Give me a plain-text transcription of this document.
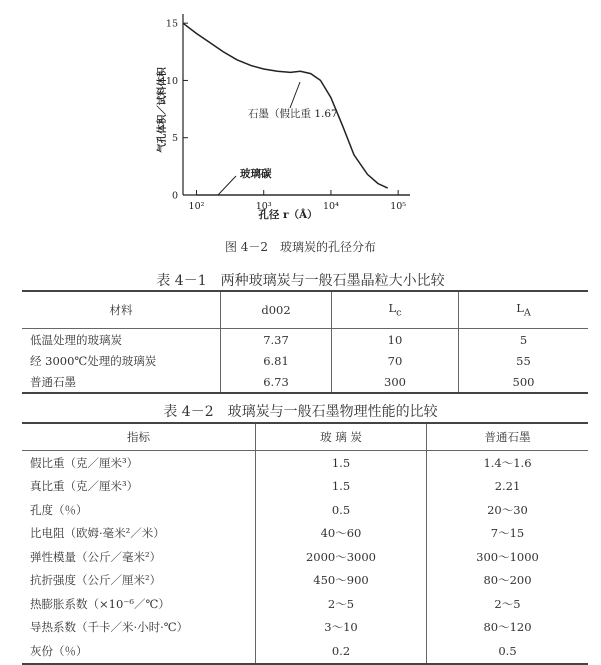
0
5
10
15
10²	10³	10⁴	10⁵
石墨（假比重 1.67
玻璃碳
孔径 r（Å）
气孔体积／试料体积
图 4－2　玻璃炭的孔径分布
表 4－1　两种玻璃炭与一般石墨晶粒大小比较
材料	d002	$L_c$	$L_A$
低温处理的玻璃炭	7.37	10	5
经 3000℃处理的玻璃炭	6.81	70	55
普通石墨	6.73	300	500
表 4－2　玻璃炭与一般石墨物理性能的比较
指标	玻 璃 炭	普通石墨
假比重（克／厘米³）	1.5	1.4～1.6
真比重（克／厘米³）	1.5	2.21
孔度（％）	0.5	20～30
比电阻（欧姆·毫米²／米）	40～60	7～15
弹性模量（公斤／毫米²）	2000～3000	300～1000
抗折强度（公斤／厘米²）	450～900	80～200
热膨胀系数（×10⁻⁶／℃）	2～5	2～5
导热系数（千卡／米·小时·℃）	3～10	80～120
灰份（％）	0.2	0.5
